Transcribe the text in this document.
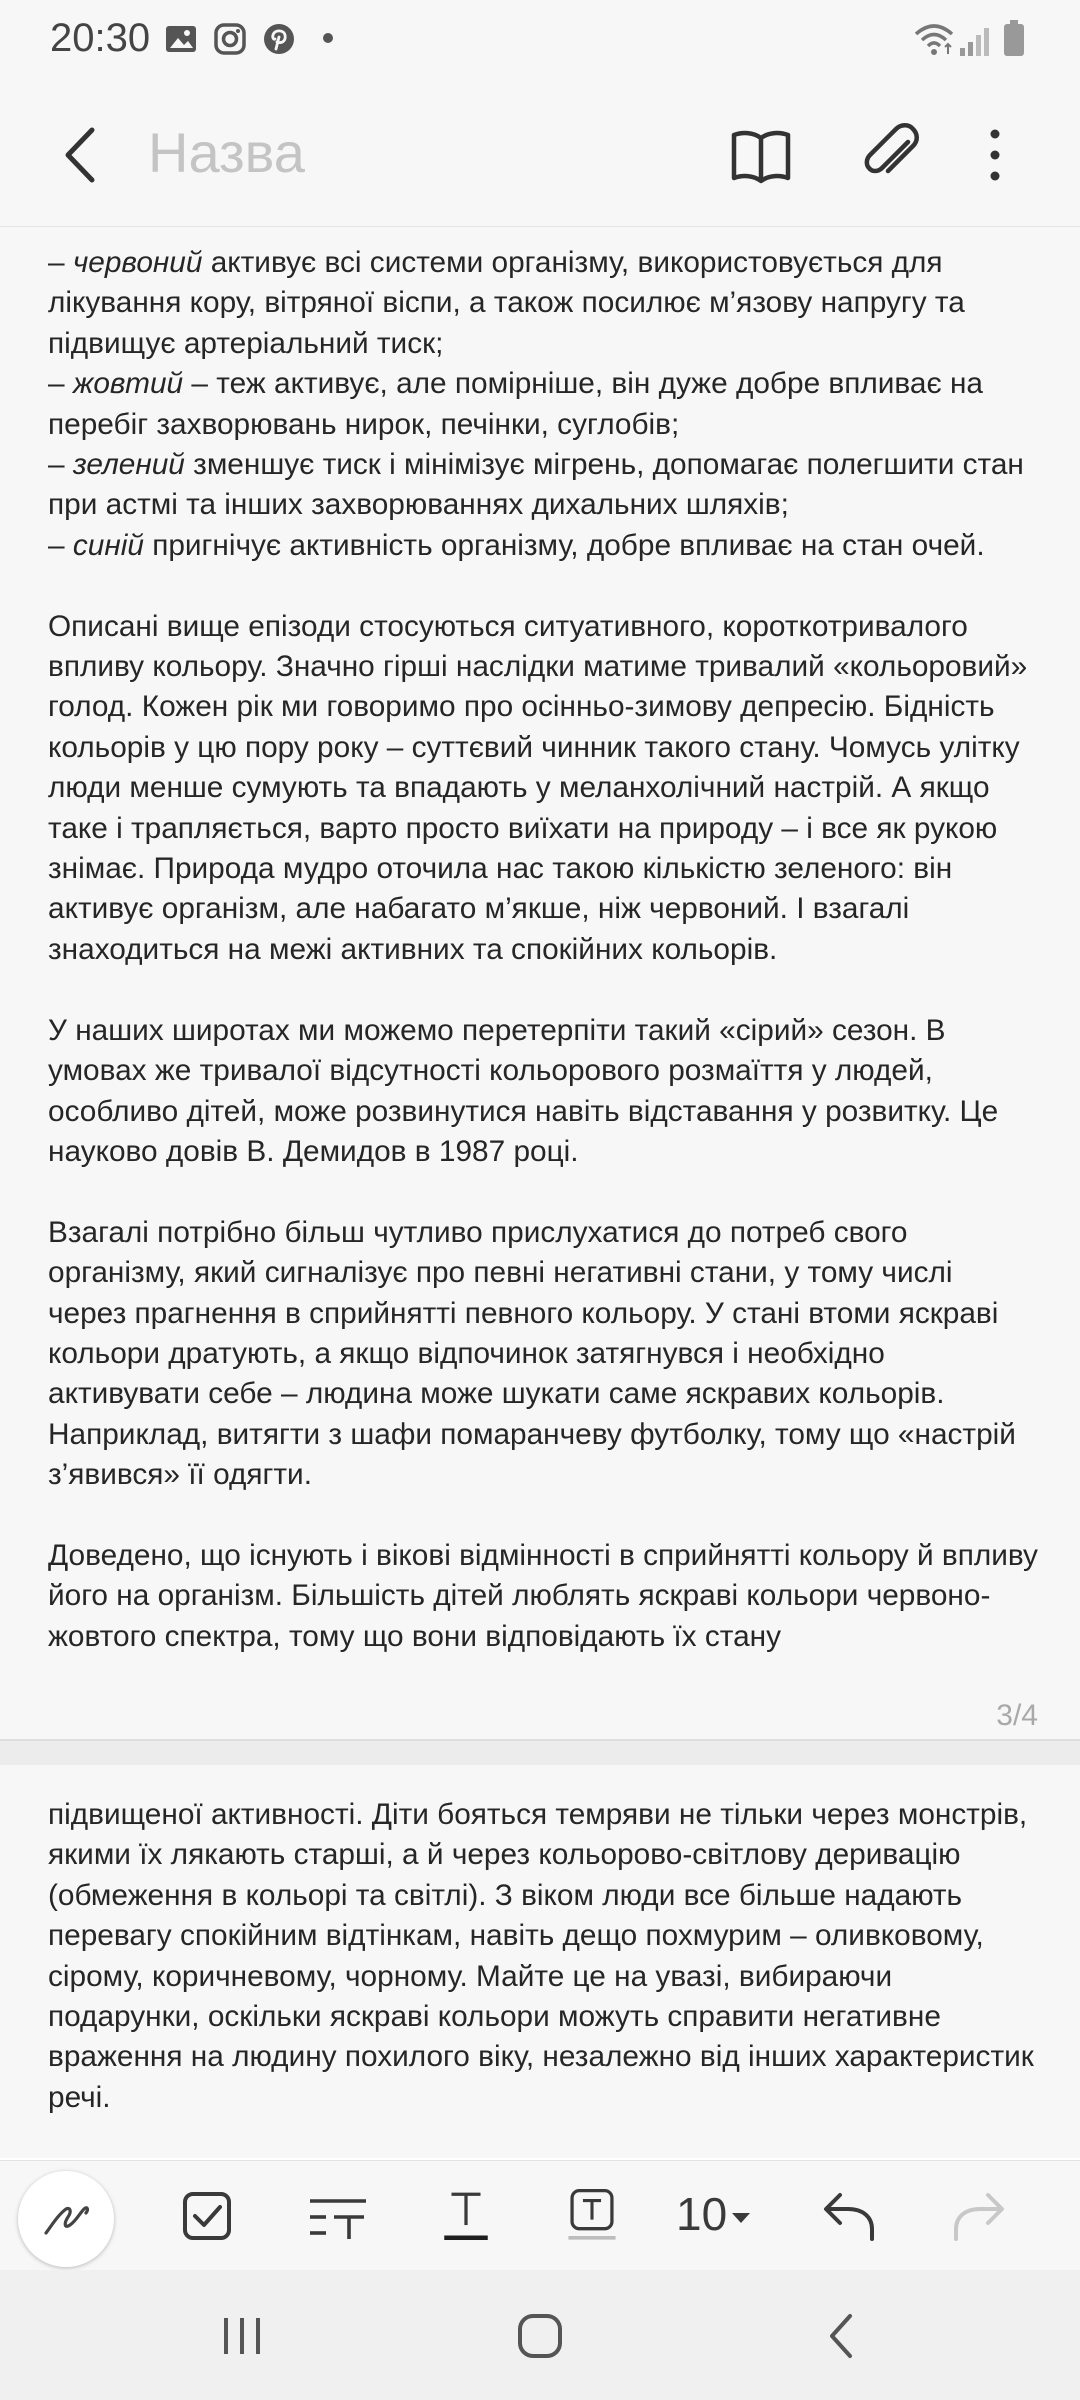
20:30
Назва

– червоний активує всі системи організму, використовується для лікування кору, вітряної віспи, а також посилює м’язову напругу та підвищує артеріальний тиск;

– жовтий – теж активує, але помірніше, він дуже добре впливає на перебіг захворювань нирок, печінки, суглобів;

– зелений зменшує тиск і мінімізує мігрень, допомагає полегшити стан при астмі та інших захворюваннях дихальних шляхів;

– синій пригнічує активність організму, добре впливає на стан очей.

Описані вище епізоди стосуються ситуативного, короткотривалого впливу кольору. Значно гірші наслідки матиме тривалий «кольоровий» голод. Кожен рік ми говоримо про осінньо-зимову депресію. Бідність кольорів у цю пору року – суттєвий чинник такого стану. Чомусь улітку люди менше сумують та впадають у меланхолічний настрій. А якщо таке і трапляється, варто просто виїхати на природу – і все як рукою знімає. Природа мудро оточила нас такою кількістю зеленого: він активує організм, але набагато м’якше, ніж червоний. І взагалі знаходиться на межі активних та спокійних кольорів.

У наших широтах ми можемо перетерпіти такий «сірий» сезон. В умовах же тривалої відсутності кольорового розмаїття у людей, особливо дітей, може розвинутися навіть відставання у розвитку. Це науково довів В. Демидов в 1987 році.

Взагалі потрібно більш чутливо прислухатися до потреб свого організму, який сигналізує про певні негативні стани, у тому числі через прагнення в сприйнятті певного кольору. У стані втоми яскраві кольори дратують, а якщо відпочинок затягнувся і необхідно активувати себе – людина може шукати саме яскравих кольорів. Наприклад, витягти з шафи помаранчеву футболку, тому що «настрій з’явився» її одягти.

Доведено, що існують і вікові відмінності в сприйнятті кольору й впливу його на організм. Більшість дітей люблять яскраві кольори червоно-жовтого спектра, тому що вони відповідають їх стану

3/4

підвищеної активності. Діти бояться темряви не тільки через монстрів, якими їх лякають старші, а й через кольорово-світлову деривацію (обмеження в кольорі та світлі). З віком люди все більше надають перевагу спокійним відтінкам, навіть дещо похмурим – оливковому, сірому, коричневому, чорному. Майте це на увазі, вибираючи подарунки, оскільки яскраві кольори можуть справити негативне враження на людину похилого віку, незалежно від інших характеристик речі.

10
